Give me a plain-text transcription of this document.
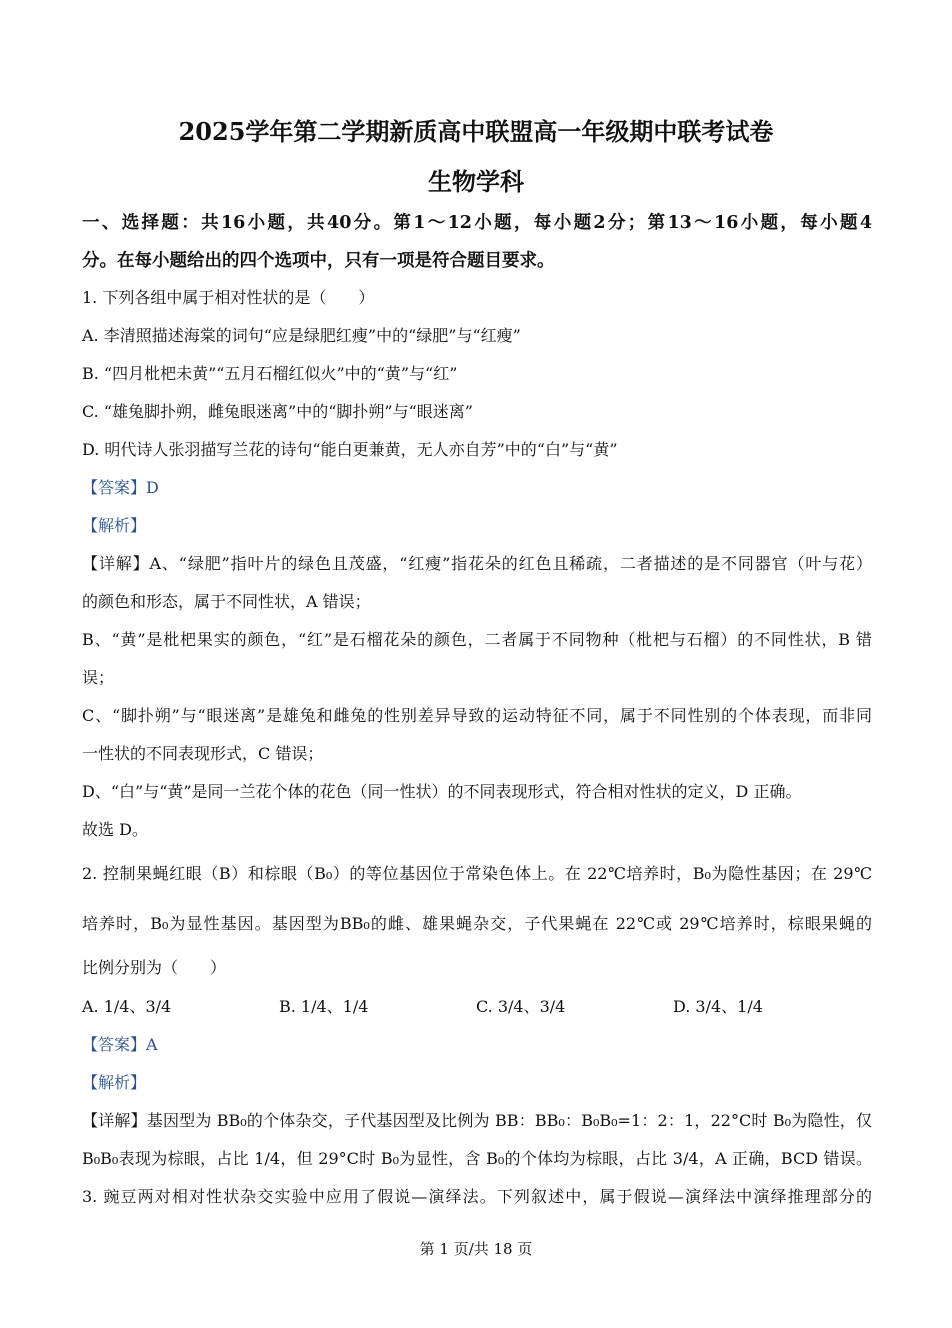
2025学年第二学期新质高中联盟高一年级期中联考试卷
生物学科
一、选择题：共16小题，共40分。第1～12小题，每小题2分；第13～16小题，每小题4
分。在每小题给出的四个选项中，只有一项是符合题目要求。
1. 下列各组中属于相对性状的是（　　）
A. 李清照描述海棠的词句“应是绿肥红瘦”中的“绿肥”与“红瘦”
B. “四月枇杷未黄”“五月石榴红似火”中的“黄”与“红”
C. “雄兔脚扑朔，雌兔眼迷离”中的“脚扑朔”与“眼迷离”
D. 明代诗人张羽描写兰花的诗句“能白更兼黄，无人亦自芳”中的“白”与“黄”
【答案】D
【解析】
【详解】A、“绿肥”指叶片的绿色且茂盛，“红瘦”指花朵的红色且稀疏，二者描述的是不同器官（叶与花）
的颜色和形态，属于不同性状，A 错误；
B、“黄”是枇杷果实的颜色，“红”是石榴花朵的颜色，二者属于不同物种（枇杷与石榴）的不同性状，B 错
误；
C、“脚扑朔”与“眼迷离”是雄兔和雌兔的性别差异导致的运动特征不同，属于不同性别的个体表现，而非同
一性状的不同表现形式，C 错误；
D、“白”与“黄”是同一兰花个体的花色（同一性状）的不同表现形式，符合相对性状的定义，D 正确。
故选 D。
2. 控制果蝇红眼（B）和棕眼（B₀）的等位基因位于常染色体上。在 22℃培养时，B₀为隐性基因；在 29℃
培养时，B₀为显性基因。基因型为BB₀的雌、雄果蝇杂交，子代果蝇在 22℃或 29℃培养时，棕眼果蝇的
比例分别为（　　）
A. 1/4、3/4	B. 1/4、1/4	C. 3/4、3/4	D. 3/4、1/4
【答案】A
【解析】
【详解】基因型为 BB₀的个体杂交，子代基因型及比例为 BB：BB₀：B₀B₀=1：2：1，22°C时 B₀为隐性，仅
B₀B₀表现为棕眼，占比 1/4，但 29°C时 B₀为显性，含 B₀的个体均为棕眼，占比 3/4，A 正确，BCD 错误。
3. 豌豆两对相对性状杂交实验中应用了假说—演绎法。下列叙述中，属于假说—演绎法中演绎推理部分的
第 1 页/共 18 页
